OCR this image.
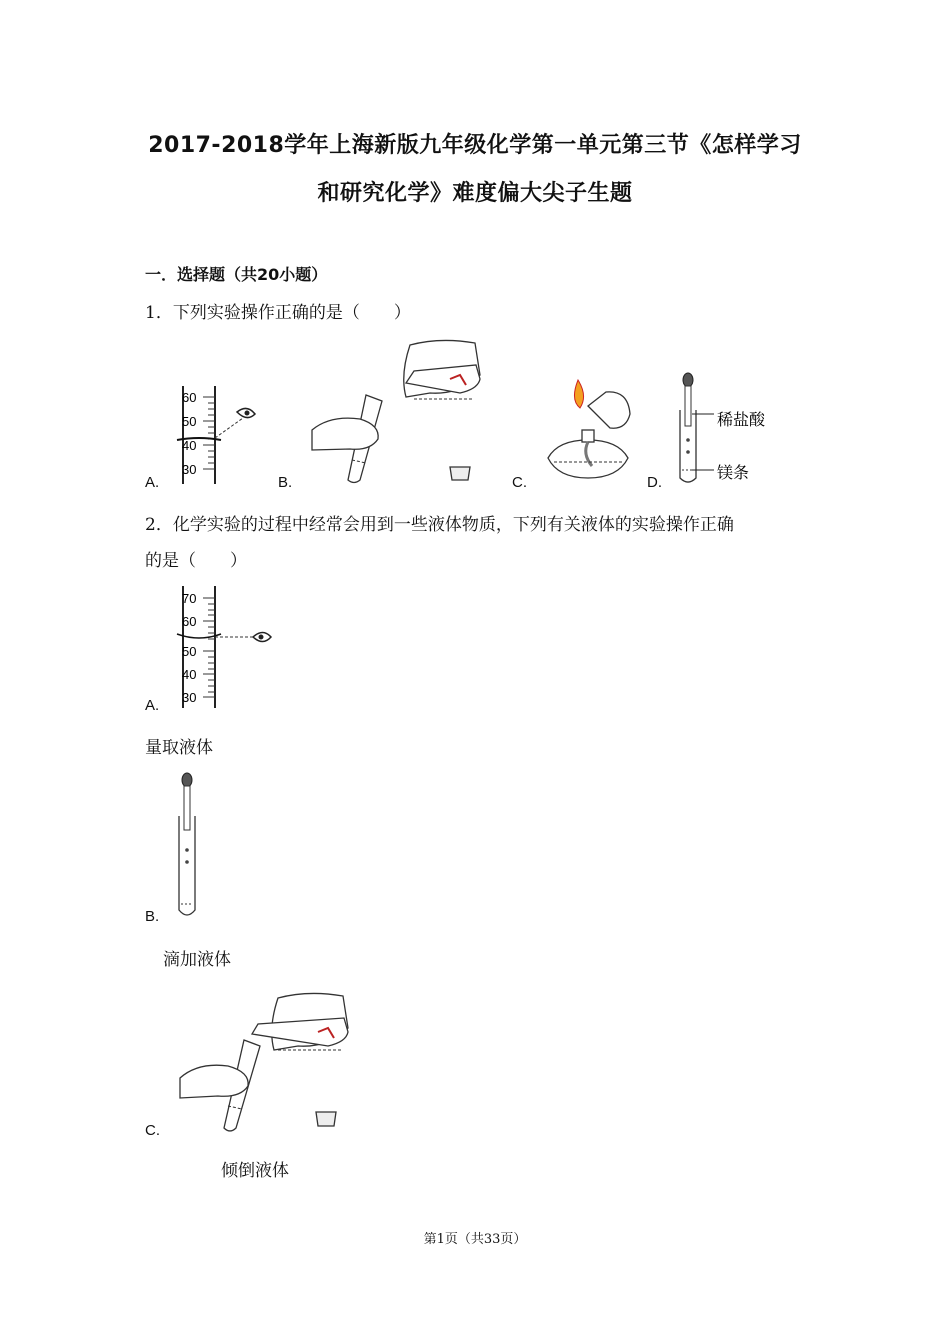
2017-2018学年上海新版九年级化学第一单元第三节《怎样学习
和研究化学》难度偏大尖子生题
一．选择题（共20小题）
1．下列实验操作正确的是（　　）
60
50
40
30
A.	B.	C.
稀盐酸
镁条
D.
2．化学实验的过程中经常会用到一些液体物质，下列有关液体的实验操作正确
的是（　　）
70
60
50
40
30
A.
量取液体
B.
滴加液体
C.
倾倒液体
第1页（共33页）
